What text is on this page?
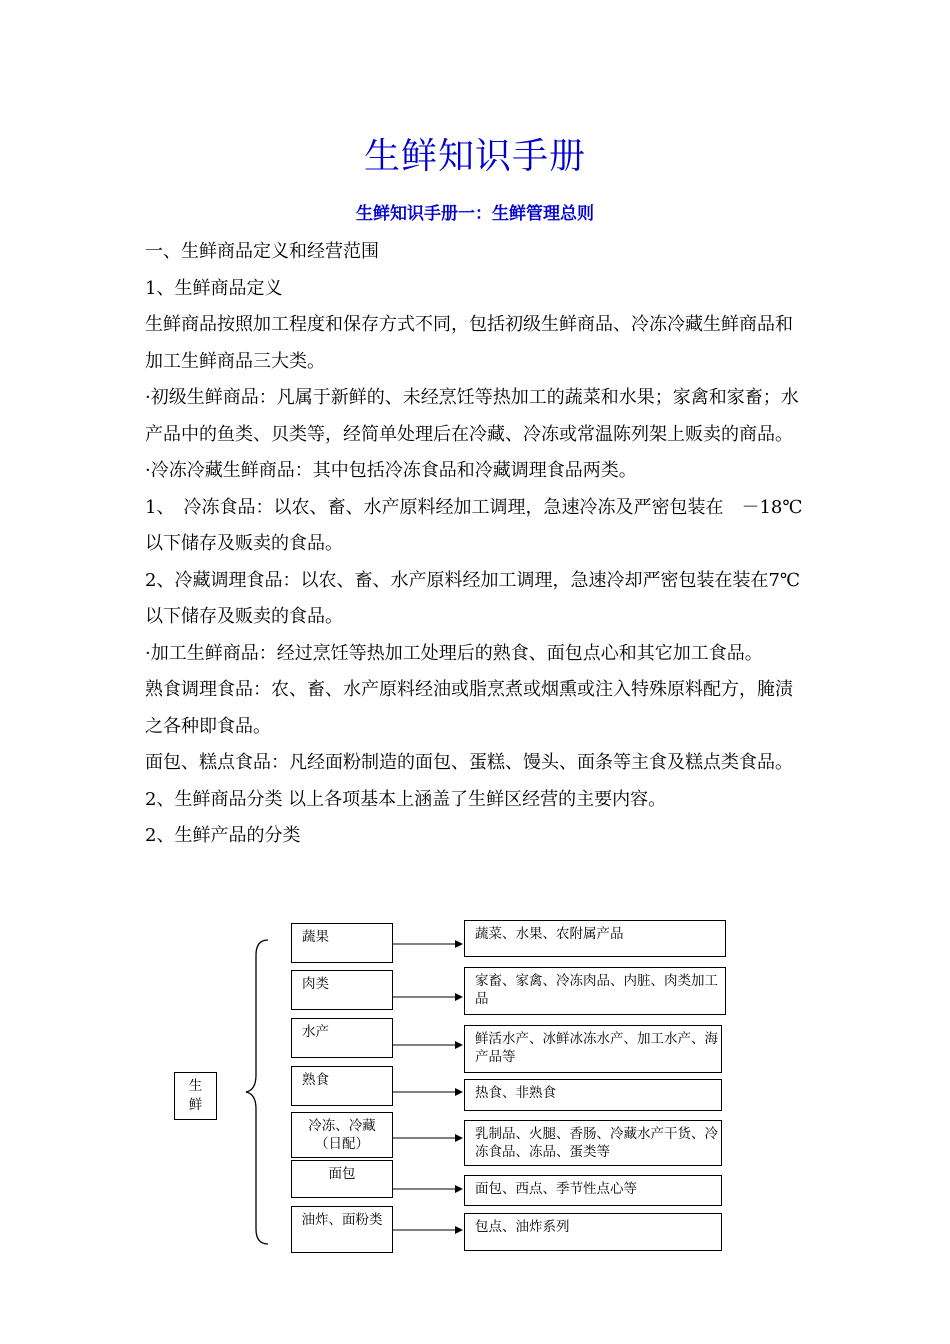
生鲜知识手册
生鲜知识手册一：生鲜管理总则

一、生鲜商品定义和经营范围

1、生鲜商品定义

生鲜商品按照加工程度和保存方式不同，包括初级生鲜商品、冷冻冷藏生鲜商品和加工生鲜商品三大类。

·初级生鲜商品：凡属于新鲜的、未经烹饪等热加工的蔬菜和水果；家禽和家畜；水产品中的鱼类、贝类等，经简单处理后在冷藏、冷冻或常温陈列架上贩卖的商品。

·冷冻冷藏生鲜商品：其中包括冷冻食品和冷藏调理食品两类。

1、　冷冻食品：以农、畜、水产原料经加工调理，急速冷冻及严密包装在　－18℃以下储存及贩卖的食品。

2、冷藏调理食品：以农、畜、水产原料经加工调理，急速冷却严密包装在装在7℃以下储存及贩卖的食品。

·加工生鲜商品：经过烹饪等热加工处理后的熟食、面包点心和其它加工食品。

熟食调理食品：农、畜、水产原料经油或脂烹煮或烟熏或注入特殊原料配方，腌渍之各种即食品。

面包、糕点食品：凡经面粉制造的面包、蛋糕、馒头、面条等主食及糕点类食品。

2、生鲜商品分类 以上各项基本上涵盖了生鲜区经营的主要内容。

2、生鲜产品的分类

生鲜
蔬果
肉类
水产
熟食
冷冻、冷藏（日配）
面包
油炸、面粉类
蔬菜、水果、农附属产品
家畜、家禽、冷冻肉品、内脏、肉类加工品
鲜活水产、冰鲜冰冻水产、加工水产、海产品等
热食、非熟食
乳制品、火腿、香肠、冷藏水产干货、冷冻食品、冻品、蛋类等
面包、西点、季节性点心等
包点、油炸系列
